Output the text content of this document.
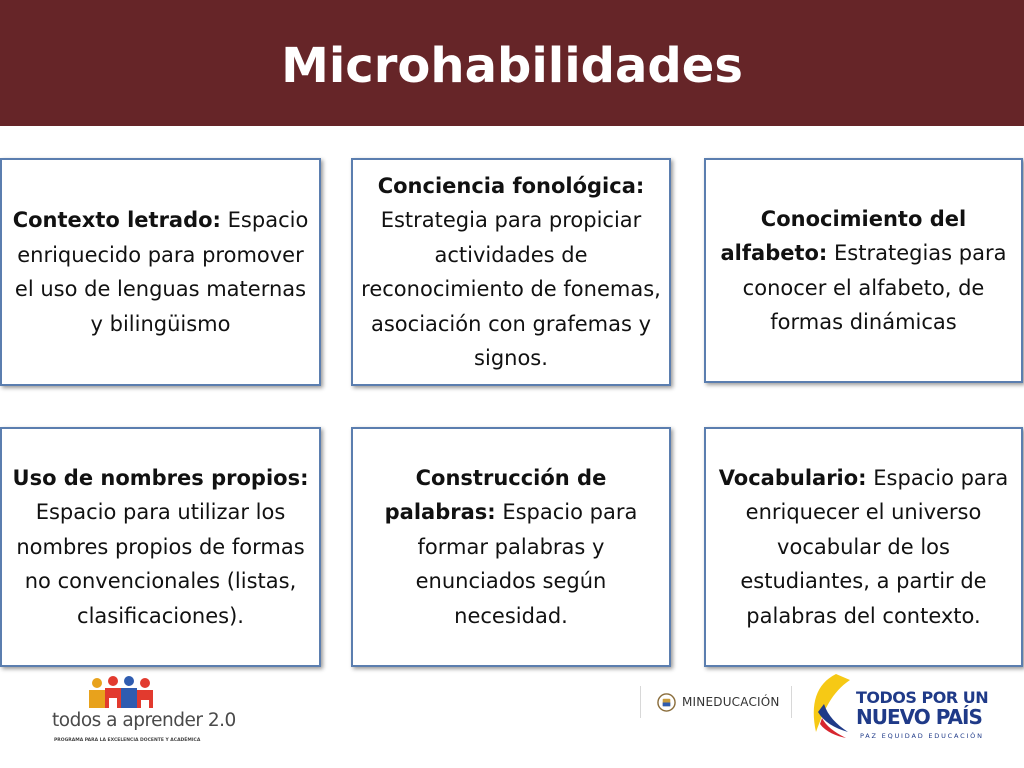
Microhabilidades

Contexto letrado: Espacio enriquecido para promover el uso de lenguas maternas y bilingüismo

Conciencia fonológica: Estrategia para propiciar actividades de reconocimiento de fonemas, asociación con grafemas y signos.

Conocimiento del alfabeto: Estrategias para conocer el alfabeto, de formas dinámicas

Uso de nombres propios: Espacio para utilizar los nombres propios de formas no convencionales (listas, clasificaciones).

Construcción de palabras: Espacio para formar palabras y enunciados según necesidad.

Vocabulario: Espacio para enriquecer el universo vocabular de los estudiantes, a partir de palabras del contexto.

todos a aprender 2.0
PROGRAMA PARA LA EXCELENCIA DOCENTE Y ACADÉMICA
MINEDUCACIÓN	TODOS POR UN
NUEVO PAÍS
PAZ EQUIDAD EDUCACIÓN
